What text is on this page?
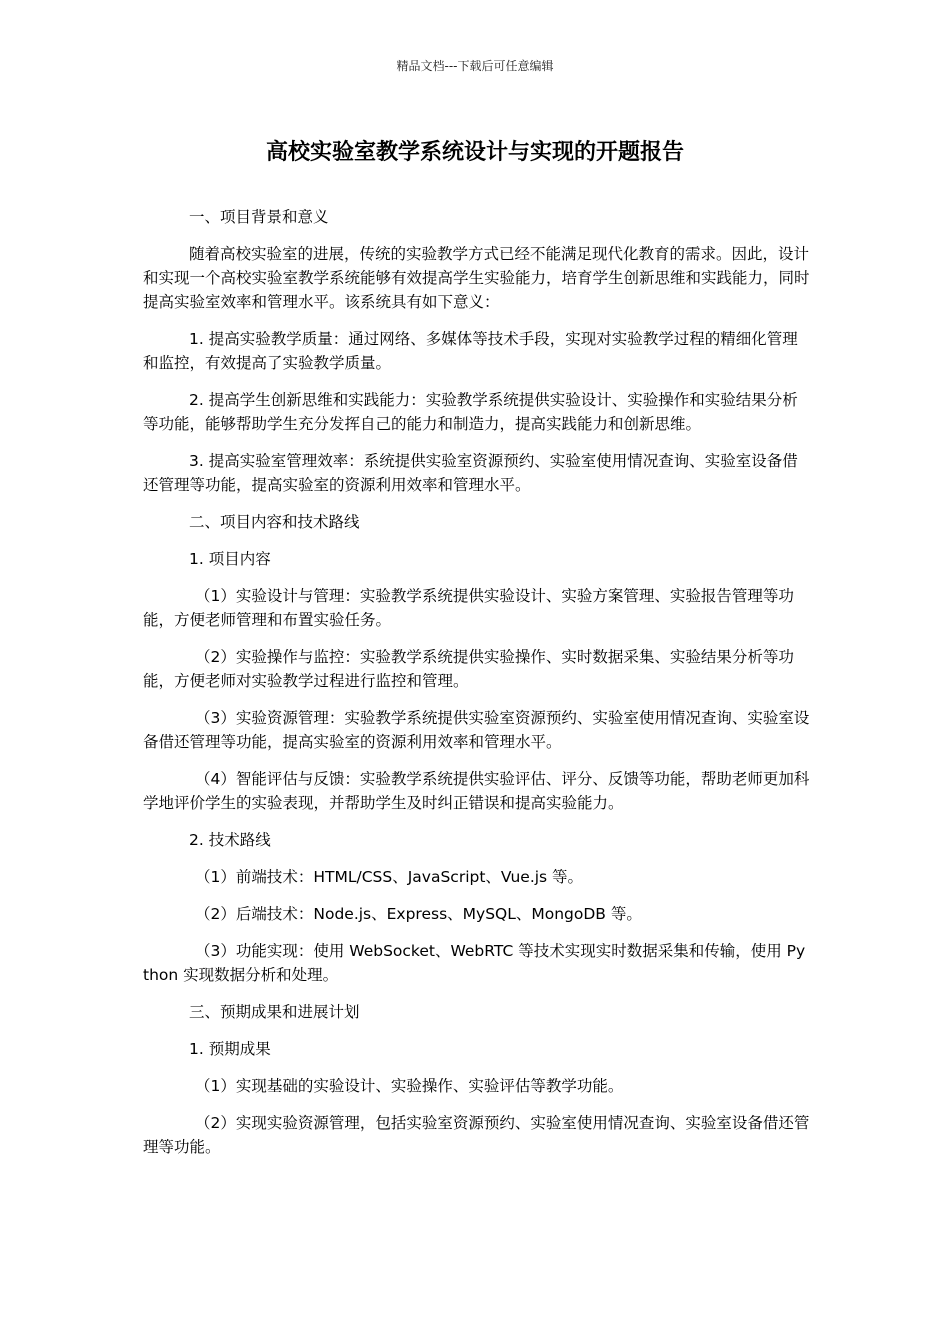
精品文档---下载后可任意编辑
高校实验室教学系统设计与实现的开题报告

一、项目背景和意义

随着高校实验室的进展，传统的实验教学方式已经不能满足现代化教育的需求。因此，设计和实现一个高校实验室教学系统能够有效提高学生实验能力，培育学生创新思维和实践能力，同时提高实验室效率和管理水平。该系统具有如下意义：

1. 提高实验教学质量：通过网络、多媒体等技术手段，实现对实验教学过程的精细化管理和监控，有效提高了实验教学质量。

2. 提高学生创新思维和实践能力：实验教学系统提供实验设计、实验操作和实验结果分析等功能，能够帮助学生充分发挥自己的能力和制造力，提高实践能力和创新思维。

3. 提高实验室管理效率：系统提供实验室资源预约、实验室使用情况查询、实验室设备借还管理等功能，提高实验室的资源利用效率和管理水平。

二、项目内容和技术路线

1. 项目内容

（1）实验设计与管理：实验教学系统提供实验设计、实验方案管理、实验报告管理等功能，方便老师管理和布置实验任务。

（2）实验操作与监控：实验教学系统提供实验操作、实时数据采集、实验结果分析等功能，方便老师对实验教学过程进行监控和管理。

（3）实验资源管理：实验教学系统提供实验室资源预约、实验室使用情况查询、实验室设备借还管理等功能，提高实验室的资源利用效率和管理水平。

（4）智能评估与反馈：实验教学系统提供实验评估、评分、反馈等功能，帮助老师更加科学地评价学生的实验表现，并帮助学生及时纠正错误和提高实验能力。

2. 技术路线

（1）前端技术：HTML/CSS、JavaScript、Vue.js 等。

（2）后端技术：Node.js、Express、MySQL、MongoDB 等。

（3）功能实现：使用 WebSocket、WebRTC 等技术实现实时数据采集和传输，使用 Python 实现数据分析和处理。

三、预期成果和进展计划

1. 预期成果

（1）实现基础的实验设计、实验操作、实验评估等教学功能。

（2）实现实验资源管理，包括实验室资源预约、实验室使用情况查询、实验室设备借还管理等功能。
